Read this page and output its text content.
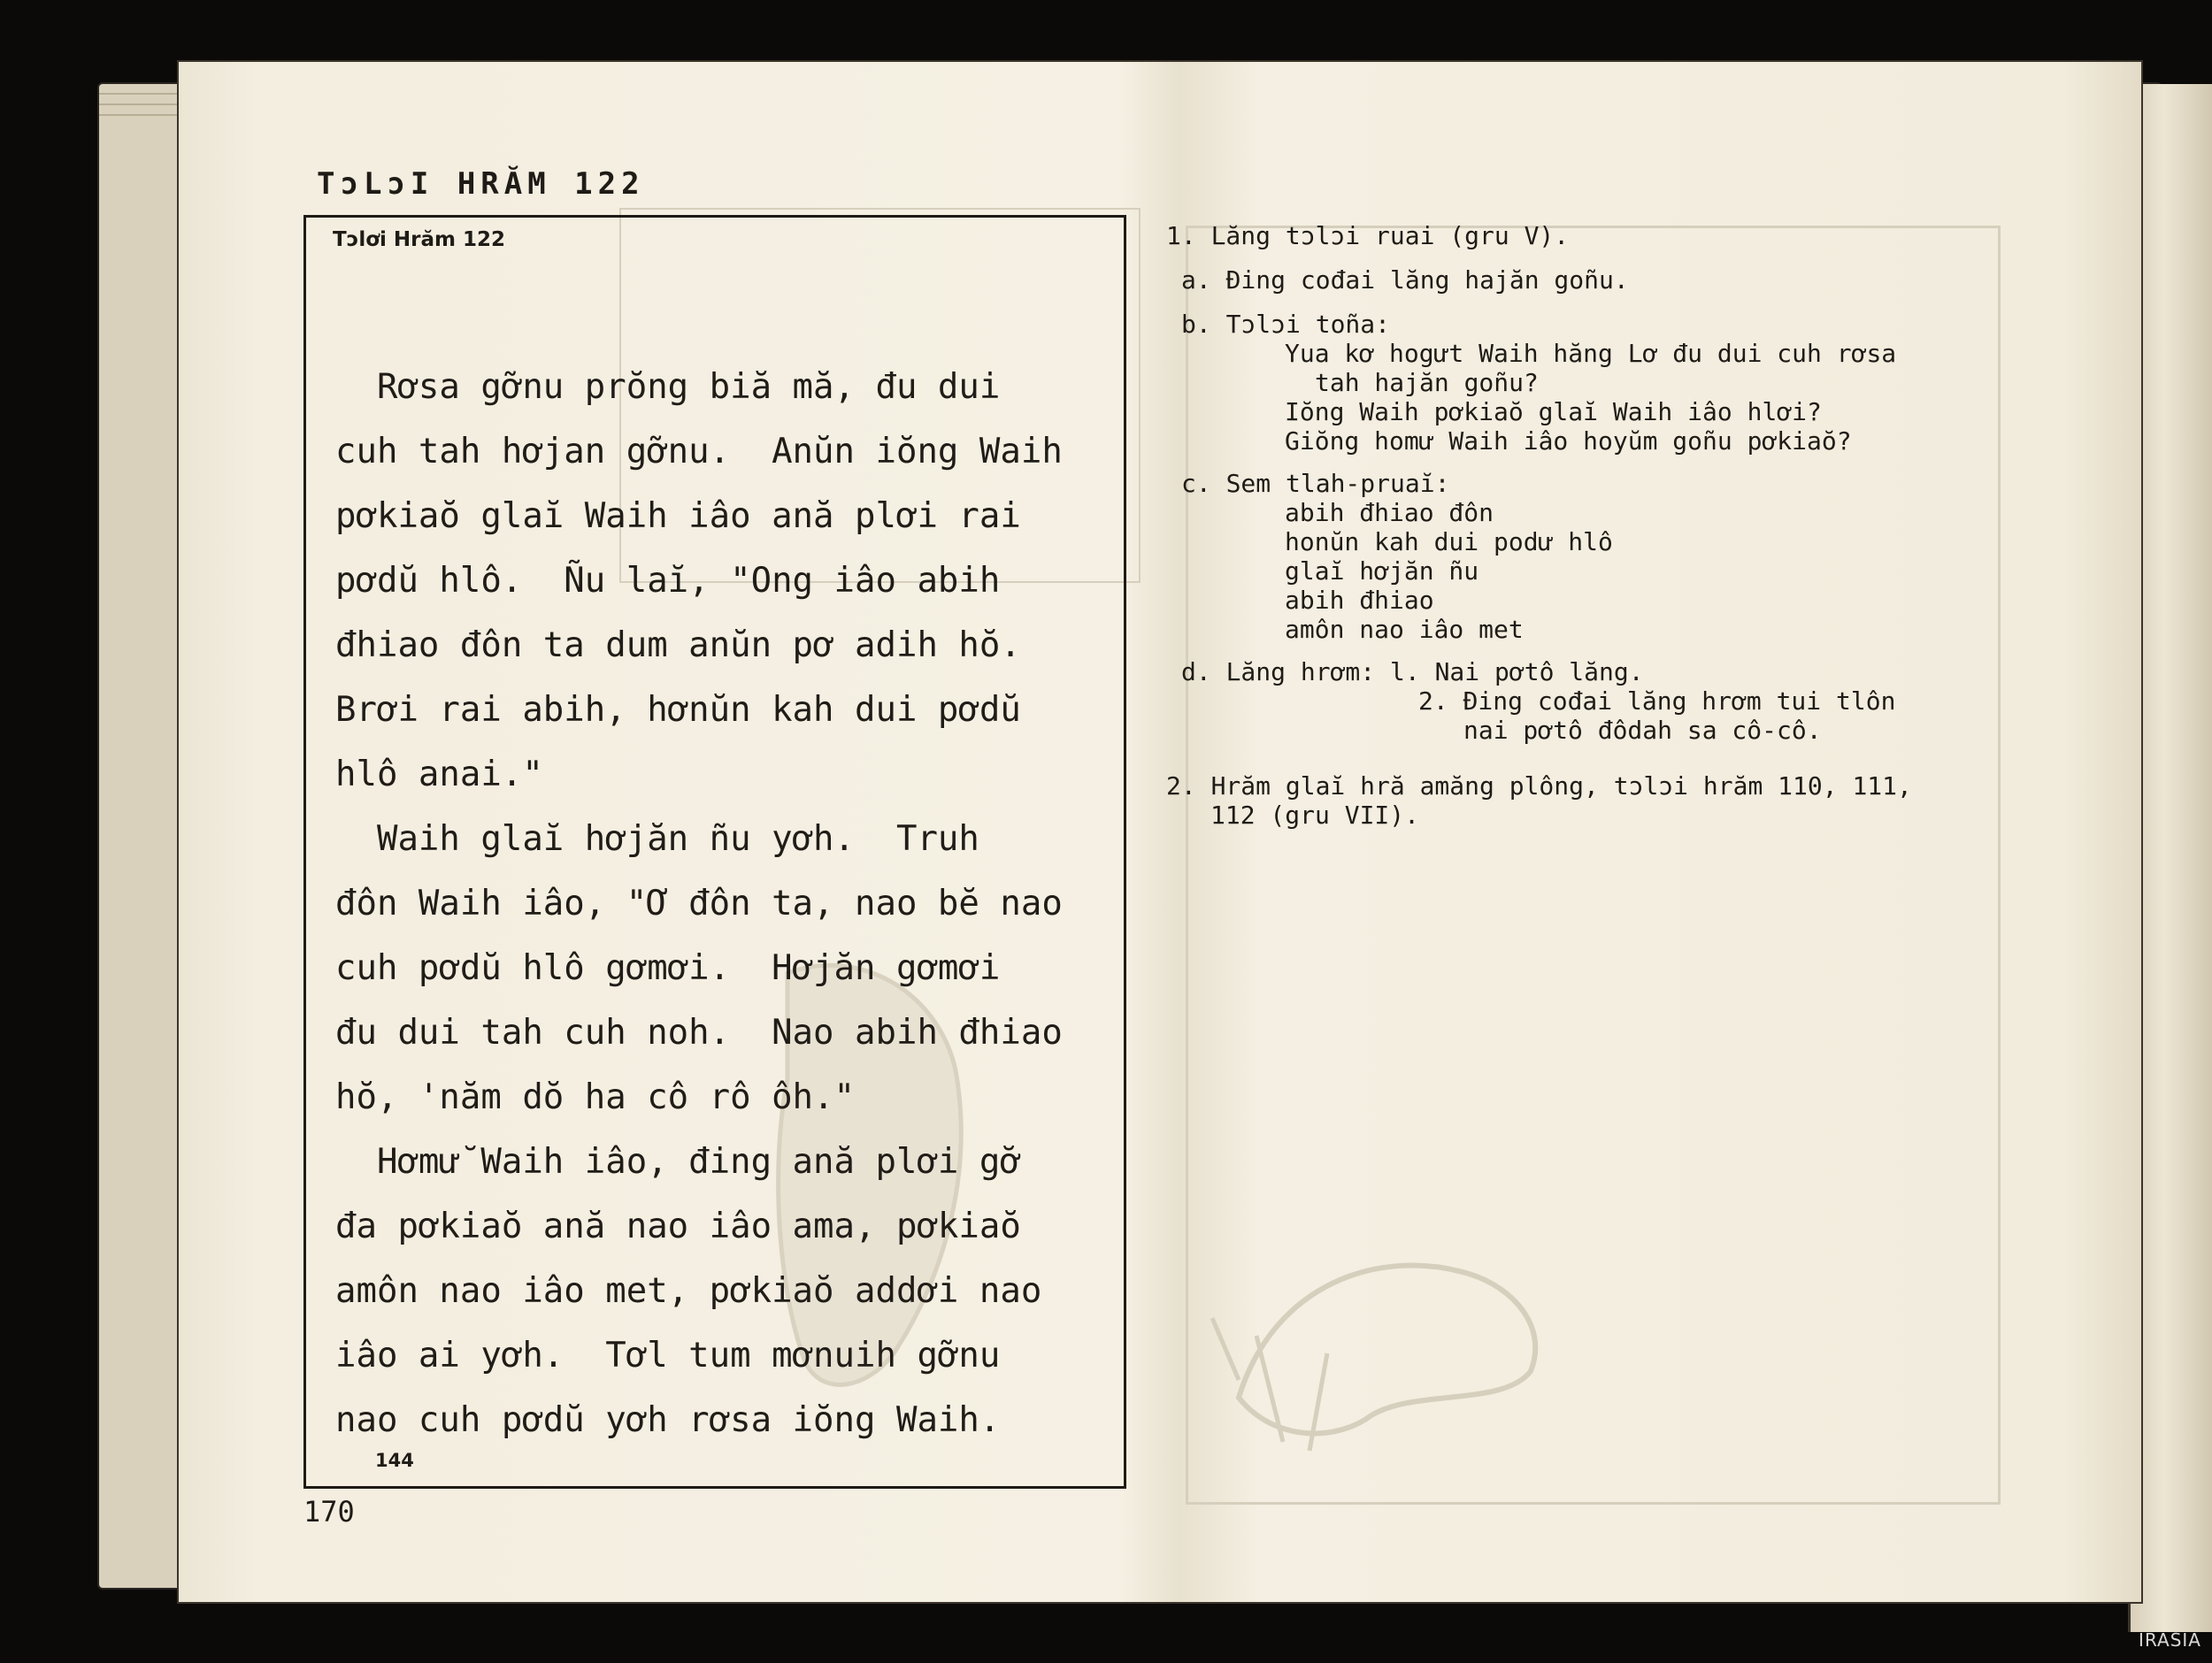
TɔLɔI HRĂM 122
Tɔlơi Hrăm 122
Rơsa gỡnu prŏng biă mă, đu dui
cuh tah hơjan gỡnu.  Anŭn iŏng Waih
pơkiaŏ glaĭ Waih iâo ană plơi rai
pơdŭ hlô.  Ñu laĭ, "Ong iâo abih
đhiao đôn ta dum anŭn pơ adih hŏ.
Brơi rai abih, hơnŭn kah dui pơdŭ
hlô anai."
Waih glaĭ hơjăn ñu yơh.  Truh
đôn Waih iâo, "Ơ đôn ta, nao bĕ nao
cuh pơdŭ hlô gơmơi.  Hơjăn gơmơi
đu dui tah cuh noh.  Nao abih đhiao
hŏ, 'năm dŏ ha cô rô ôh."
Hơmư̆ Waih iâo, đing ană plơi gơ̆
đa pơkiaŏ ană nao iâo ama, pơkiaŏ
amôn nao iâo met, pơkiaŏ addơi nao
iâo ai yơh.  Tơl tum mơnuih gỡnu
nao cuh pơdŭ yơh rơsa iŏng Waih.
144
170
1. Lăng tɔlɔi ruai (gru V).
a. Đing cođai lăng hajăn goñu.
b. Tɔlɔi toña:
Yua kơ hogưt Waih hăng Lơ đu dui cuh rơsa
tah hajăn goñu?
Iŏng Waih pơkiaŏ glaĭ Waih iâo hlơi?
Giŏng homư Waih iâo hoyŭm goñu pơkiaŏ?
c. Sem tlah-pruaĭ:
abih đhiao đôn
honŭn kah dui podư hlô
glaĭ hơjăn ñu
abih đhiao
amôn nao iâo met
d. Lăng hrơm: l. Nai pơtô lăng.
2. Đing cođai lăng hrơm tui tlôn
nai pơtô đôdah sa cô-cô.
2. Hrăm glaĭ hră amăng plông, tɔlɔi hrăm 110, 111,
112 (gru VII).
IRASIA
